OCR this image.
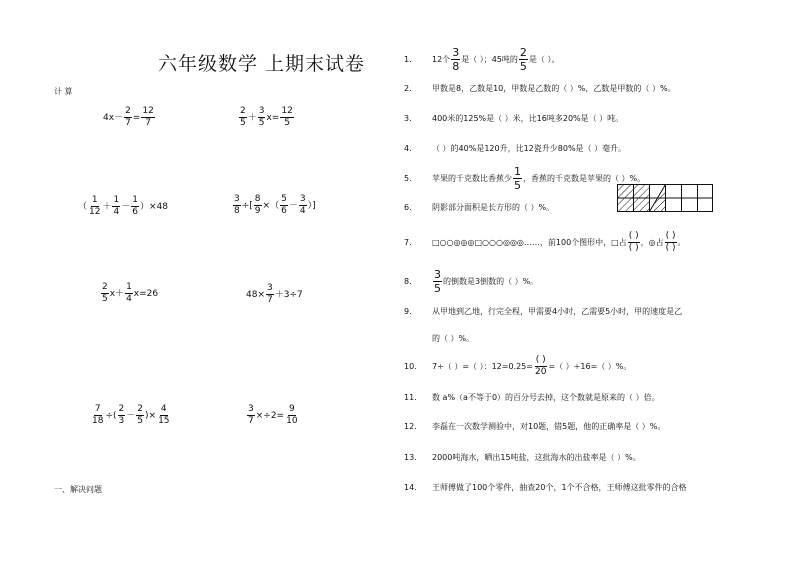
六年级数学 上期末试卷
计 算
$4x- \frac{2}{7} = \frac{12}{7}$	$\frac{2}{5} + \frac{3}{5} x= \frac{12}{5}$
（ $\frac{1}{12} + \frac{1}{4} - \frac{1}{6} )\times 48$	$\frac{3}{8}$ ÷[ $\frac{8}{9}$ ×（ $\frac{5}{6} - \frac{3}{4}$ ）]
$\frac{2}{5} x+ \frac{1}{4} x=26$	$48\times \frac{3}{7} +3\div 7$
$\frac{7}{18}$ ÷( $\frac{2}{3} - \frac{2}{5}$ )× $\frac{4}{15}$	$\frac{3}{7} \times\div 2= \frac{9}{10}$
一、解决问题
1.	12个 $\frac{3}{8}$ 是（ ）；45吨的 $\frac{2}{5}$ 是（ ）。
2.	甲数是8，乙数是10，甲数是乙数的（ ）%，乙数是甲数的（ ）%。
3.	400米的125%是（ ）米，比16吨多20%是（ ）吨。
4.	（ ）的40%是120升，比12瓷升少80%是（ ）毫升。
5.	苹果的千克数比香蕉少 $\frac{1}{5}$ ，香蕉的千克数是苹果的（ ）%。
6.	阴影部分面积是长方形的（ ）%。
7.	□○○◎◎◎□○○○◎◎◎……，前100个图形中，□占 $\frac{( )}{( )}$ ，◎占 $\frac{( )}{( )}$ 。
8.	$\frac{3}{5}$ 的倒数是3倒数的（ ）%。
9.	从甲地到乙地，行完全程，甲需要4小时，乙需要5小时，甲的速度是乙
的（ ）%。
10.	7÷（ ）=（ ）：$12=0.25= \frac{( )}{20}$ =（ ）÷16=（ ）%。
11.	数 a%（a不等于0）的百分号去掉，这个数就是原来的（ ）倍。
12.	李磊在一次数学测验中，对10题，错5题，他的正确率是（ ）%。
13.	2000吨海水，晒出15吨盐，这批海水的出盐率是（ ）%。
14.	王师傅做了100个零件，抽查20个，1个不合格，王师傅这批零件的合格
